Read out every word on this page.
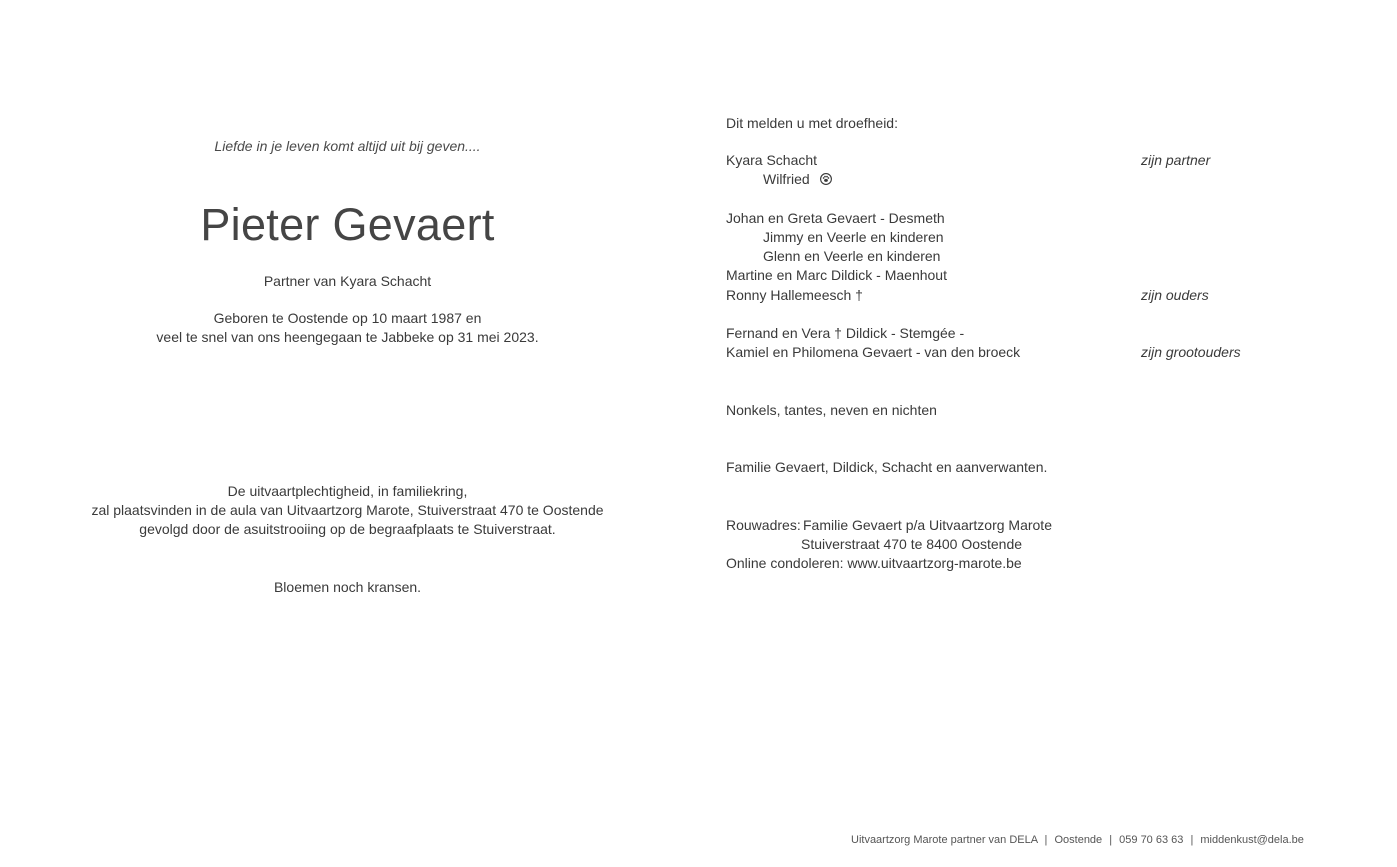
Liefde in je leven komt altijd uit bij geven....
Pieter Gevaert
Partner van Kyara Schacht
Geboren te Oostende op 10 maart 1987 en
veel te snel van ons heengegaan te Jabbeke op 31 mei 2023.
De uitvaartplechtigheid, in familiekring,
zal plaatsvinden in de aula van Uitvaartzorg Marote, Stuiverstraat 470 te Oostende
gevolgd door de asuitstrooiing op de begraafplaats te Stuiverstraat.
Bloemen noch kransen.
Dit melden u met droefheid:
Kyara Schacht	zijn partner
Wilfried
Johan en Greta Gevaert - Desmeth
Jimmy en Veerle en kinderen
Glenn en Veerle en kinderen
Martine en Marc Dildick - Maenhout
Ronny Hallemeesch †	zijn ouders
Fernand en Vera † Dildick - Stemgée -
Kamiel en Philomena Gevaert - van den broeck	zijn grootouders
Nonkels, tantes, neven en nichten
Familie Gevaert, Dildick, Schacht en aanverwanten.
Rouwadres: Familie Gevaert p/a Uitvaartzorg Marote
Stuiverstraat 470 te 8400 Oostende
Online condoleren: www.uitvaartzorg-marote.be
Uitvaartzorg Marote partner van DELA | Oostende | 059 70 63 63 | middenkust@dela.be
